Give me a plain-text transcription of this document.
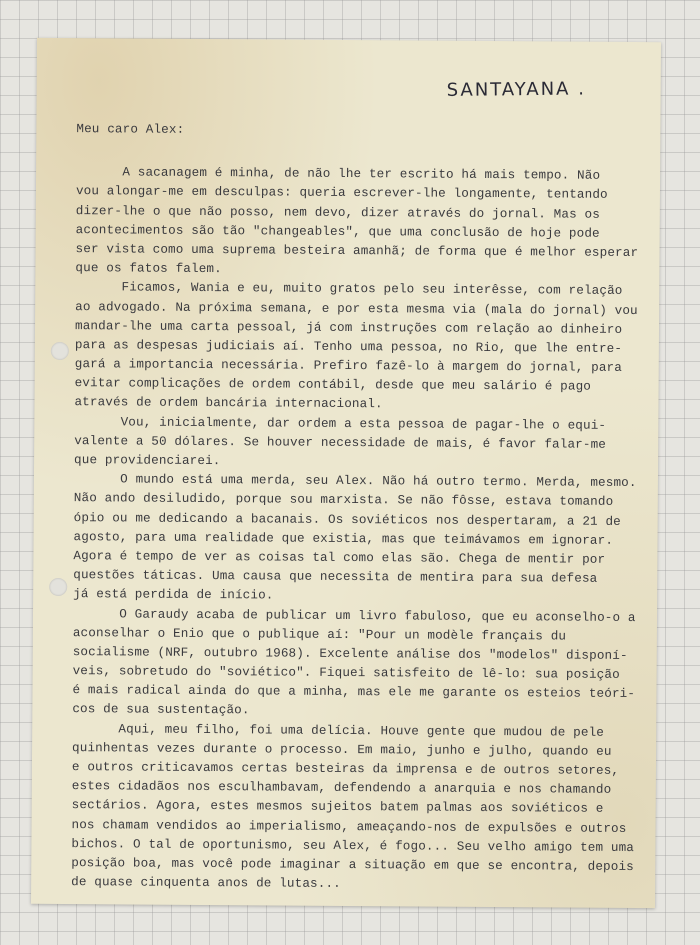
SANTAYANA .
Meu caro Alex:
A sacanagem é minha, de não lhe ter escrito há mais tempo. Não
vou alongar-me em desculpas: queria escrever-lhe longamente, tentando
dizer-lhe o que não posso, nem devo, dizer através do jornal. Mas os
acontecimentos são tão "changeables", que uma conclusão de hoje pode
ser vista como uma suprema besteira amanhã; de forma que é melhor esperar
que os fatos falem.
Ficamos, Wania e eu, muito gratos pelo seu interêsse, com relação
ao advogado. Na próxima semana, e por esta mesma via (mala do jornal) vou
mandar-lhe uma carta pessoal, já com instruções com relação ao dinheiro
para as despesas judiciais aí. Tenho uma pessoa, no Rio, que lhe entre-
gará a importancia necessária. Prefiro fazê-lo à margem do jornal, para
evitar complicações de ordem contábil, desde que meu salário é pago
através de ordem bancária internacional.
Vou, inicialmente, dar ordem a esta pessoa de pagar-lhe o equi-
valente a 50 dólares. Se houver necessidade de mais, é favor falar-me
que providenciarei.
O mundo está uma merda, seu Alex. Não há outro termo. Merda, mesmo.
Não ando desiludido, porque sou marxista. Se não fôsse, estava tomando
ópio ou me dedicando a bacanais. Os soviéticos nos despertaram, a 21 de
agosto, para uma realidade que existia, mas que teimávamos em ignorar.
Agora é tempo de ver as coisas tal como elas são. Chega de mentir por
questões táticas. Uma causa que necessita de mentira para sua defesa
já está perdida de início.
O Garaudy acaba de publicar um livro fabuloso, que eu aconselho-o a
aconselhar o Enio que o publique aí: "Pour un modèle français du
socialisme (NRF, outubro 1968). Excelente análise dos "modelos" disponí-
veis, sobretudo do "soviético". Fiquei satisfeito de lê-lo: sua posição
é mais radical ainda do que a minha, mas ele me garante os esteios teóri-
cos de sua sustentação.
Aqui, meu filho, foi uma delícia. Houve gente que mudou de pele
quinhentas vezes durante o processo. Em maio, junho e julho, quando eu
e outros criticavamos certas besteiras da imprensa e de outros setores,
estes cidadãos nos esculhambavam, defendendo a anarquia e nos chamando
sectários. Agora, estes mesmos sujeitos batem palmas aos soviéticos e
nos chamam vendidos ao imperialismo, ameaçando-nos de expulsões e outros
bichos. O tal de oportunismo, seu Alex, é fogo... Seu velho amigo tem uma
posição boa, mas você pode imaginar a situação em que se encontra, depois
de quase cinquenta anos de lutas...
